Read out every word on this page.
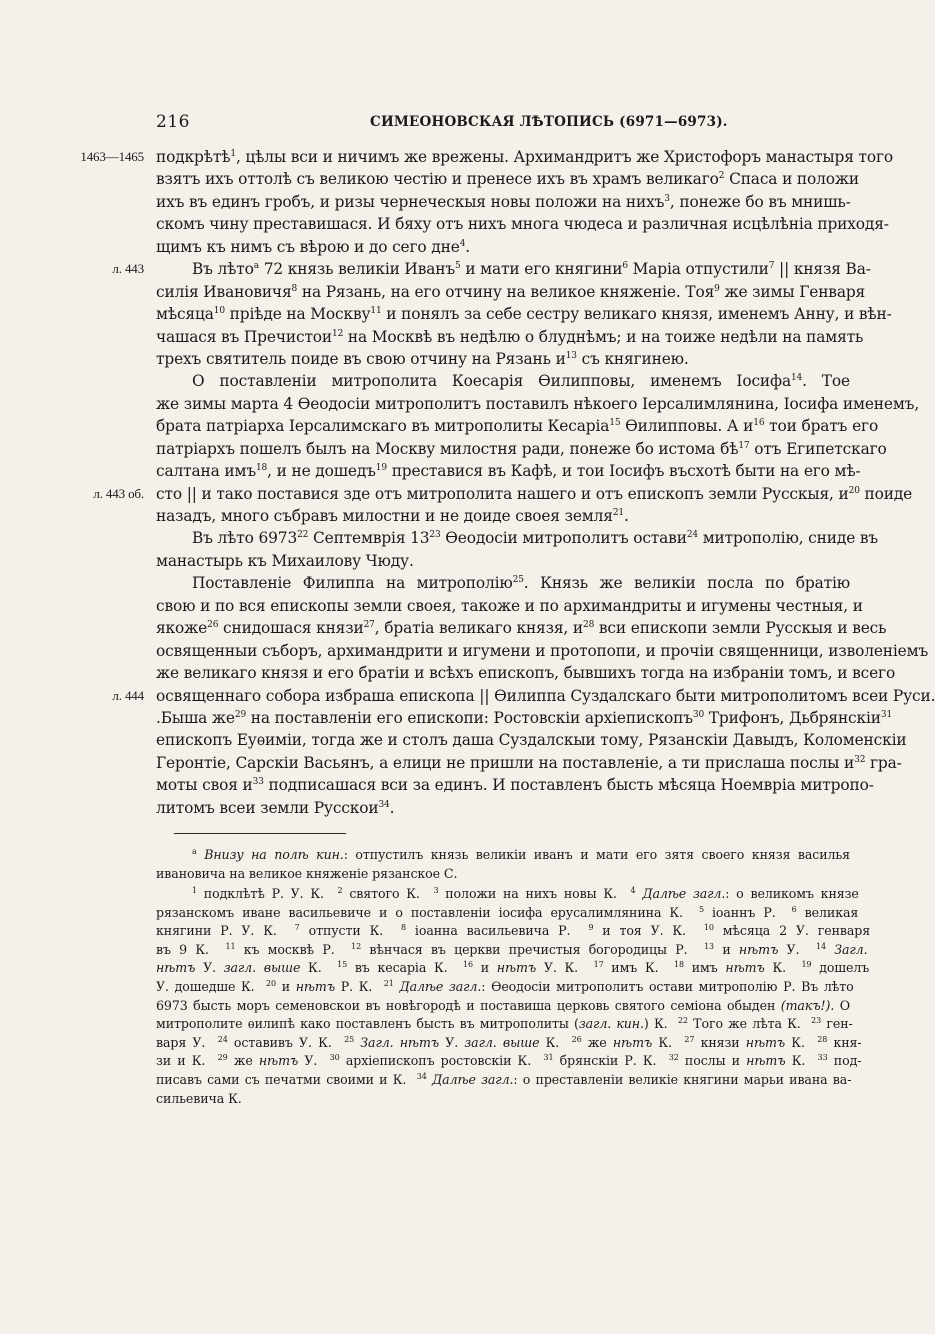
216	СИМЕОНОВСКАЯ ЛѢТОПИСЬ (6971—6973).
подкрѣтѣ$^1$, цѣлы вси и ничимъ же врежены. Архимандритъ же Христофоръ манастыря того
1463—1465
взятъ ихъ оттолѣ съ великою честію и пренесе ихъ въ храмъ великаго$^2$ Спаса и положи
ихъ въ единъ гробъ, и ризы чернеческыя новы положи на нихъ$^3$, понеже бо въ мнишь-
скомъ чину преставишася. И бяху отъ нихъ многа чюдеса и различная исцѣлѣніа приходя-
щимъ къ нимъ съ вѣрою и до сего дне$^4$.
Въ лѣто$^a$ 72 князь великіи Иванъ$^5$ и мати его княгини$^6$ Маріа отпустили$^7$ || князя Ва-
л. 443
силія Ивановичя$^8$ на Рязань, на его отчину на великое княженіе. Тоя$^9$ же зимы Генваря
мѣсяца$^{10}$ пріѣде на Москву$^{11}$ и понялъ за себе сестру великаго князя, именемъ Анну, и вѣн-
чашася въ Пречистои$^{12}$ на Москвѣ въ недѣлю о блуднѣмъ; и на тоиже недѣли на память
трехъ святитель поиде въ свою отчину на Рязань $и^{13}$ съ княгинею.
О поставленіи митрополита Коесарія Ѳилипповы, именемъ Іосифа$^{14}$. Тое
же зимы марта 4 Ѳеодосіи митрополитъ поставилъ нѣкоего Іерсалимлянина, Іосифа именемъ,
брата патріарха Іерсалимскаго въ митрополиты Кесаріа$^{15}$ Ѳилипповы. А $и^{16}$ тои братъ его
патріархъ пошелъ былъ на Москву милостня ради, понеже бо истома $бѣ^{17}$ отъ Египетскаго
салтана имъ$^{18}$, и не дошедъ$^{19}$ преставися въ Кафѣ, и тои Іосифъ въсхотѣ быти на его мѣ-
сто || и тако поставися зде отъ митрополита нашего и отъ епископъ земли Русскыя, $и^{20}$ поиде
л. 443 об.
назадъ, много събравъ милостни и не доиде своея земля$^{21}$.
Въ лѣто 6973$^{22}$ Септемврія $13^{23}$ Ѳеодосіи митрополитъ остави$^{24}$ митрополію, сниде въ
манастырь къ Михаилову Чюду.
Поставленіе Филиппа на митрополію$^{25}$. Князь же великіи посла по братію
свою и по вся епископы земли своея, такоже и по архимандриты и игумены честныя, и
якоже$^{26}$ снидошася князи$^{27}$, братіа великаго князя, $и^{28}$ вси епископи земли Русскыя и весь
освященныи съборъ, архимандрити и игумени и протопопи, и прочіи священници, изволеніемъ
же великаго князя и его братіи и всѣхъ епископъ, бывшихъ тогда на избраніи томъ, и всего
освященнаго собора избраша епископа || Ѳилиппа Суздалскаго быти митрополитомъ всеи Руси.
л. 444
.Быша $же^{29}$ на поставленіи его епископи: Ростовскіи архіепископъ$^{30}$ Трифонъ, Дьбрянскіи$^{31}$
епископъ Еуѳиміи, тогда же и столъ даша Суздалскыи тому, Рязанскіи Давыдъ, Коломенскіи
Геронтіе, Сарскіи Васьянъ, а елици не пришли на поставленіе, а ти прислаша послы $и^{32}$ гра-
моты своя $и^{33}$ подписашася вси за единъ. И поставленъ бысть мѣсяца Ноемвріа митропо-
литомъ всеи земли Русскои$^{34}$.
$^a$ Внизу на полѣ кин.: отпустилъ князь великіи иванъ и мати его зятя своего князя василья
ивановича на великое княженіе рязанское С.
$^1$ подклѣтѣ Р. У. К.  $^2$ святого К.  $^3$ положи на нихъ новы К.  $^4$ Далѣе загл.: о великомъ князе
рязанскомъ иване васильевиче и о поставленіи іосифа ерусалимлянина К.  $^5$ іоаннъ Р.  $^6$ великая
княгини Р. У. К.  $^7$ отпусти К.  $^8$ іоанна васильевича Р.  $^9$ и тоя У. К.  $^{10}$ мѣсяца 2 У. генваря
въ 9 К.  $^{11}$ къ москвѣ Р.  $^{12}$ вѣнчася въ церкви пречистыя богородицы Р.  $^{13}$ и нѣтъ У.  $^{14}$ Загл.
нѣтъ У. загл. выше К.  $^{15}$ въ кесаріа К.  $^{16}$ и нѣтъ У. К.  $^{17}$ имъ К.  $^{18}$ имъ нѣтъ К.  $^{19}$ дошелъ
У. дошедше К.  $^{20}$ и нѣтъ Р. К.  $^{21}$ Далѣе загл.: Ѳеодосіи митрополитъ остави митрополію Р. Въ лѣто
6973 бысть моръ семеновскои въ новѣгородѣ и поставиша церковь святого семіона обыден (такъ!). О
митрополите ѳилипѣ како поставленъ бысть въ митрополиты (загл. кин.) К.  $^{22}$ Того же лѣта К.  $^{23}$ ген-
варя У.  $^{24}$ оставивъ У. К.  $^{25}$ Загл. нѣтъ У. загл. выше К.  $^{26}$ же нѣтъ К.  $^{27}$ князи нѣтъ К.  $^{28}$ кня-
зи и К.  $^{29}$ же нѣтъ У.  $^{30}$ архіепископъ ростовскіи К.  $^{31}$ брянскіи Р. К.  $^{32}$ послы и нѣтъ К.  $^{33}$ под-
писавъ сами съ печатми своими и К.  $^{34}$ Далѣе загл.: о преставленіи великіе княгини марьи ивана ва-
сильевича К.
